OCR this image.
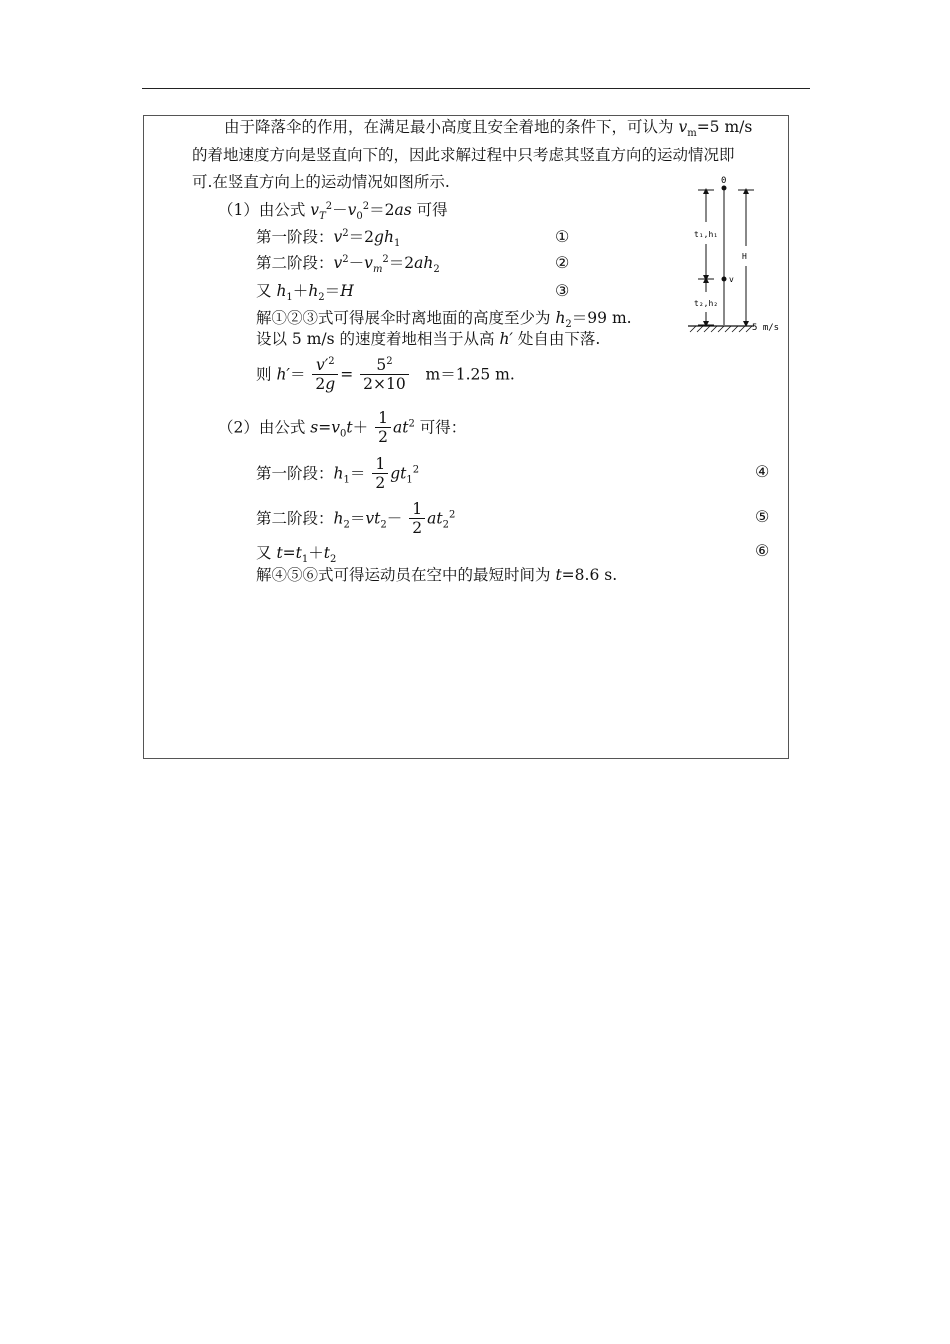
由于降落伞的作用，在满足最小高度且安全着地的条件下，可认为 $v_m=5$ m/s
的着地速度方向是竖直向下的，因此求解过程中只考虑其竖直方向的运动情况即
可.在竖直方向上的运动情况如图所示.
（1）由公式 $v_T^2-v_0^2=2as$ 可得
第一阶段：$v^2=2gh_1$	①
第二阶段：$v^2-v_m^2=2ah_2$	②
又 $h_1+h_2=H$	③
解①②③式可得展伞时离地面的高度至少为 $h_2=99$ m.
设以 5 m/s 的速度着地相当于从高 h′ 处自由下落.
则 $h'= \frac{v'^2}{2g} = \frac{5^2}{2\times 10} m=1.25$ m.
（2）由公式 $s=v_0t+ \frac{1}{2} at^2$ 可得：
第一阶段：$h_1= \frac{1}{2} gt_1^2$	④
第二阶段：$h_2=vt_2- \frac{1}{2} at_2^2$	⑤
又 $t=t_1+t_2$	⑥
解④⑤⑥式可得运动员在空中的最短时间为 t=8.6 s.
0
v
t₁,h₁
t₂,h₂
H
5 m/s
